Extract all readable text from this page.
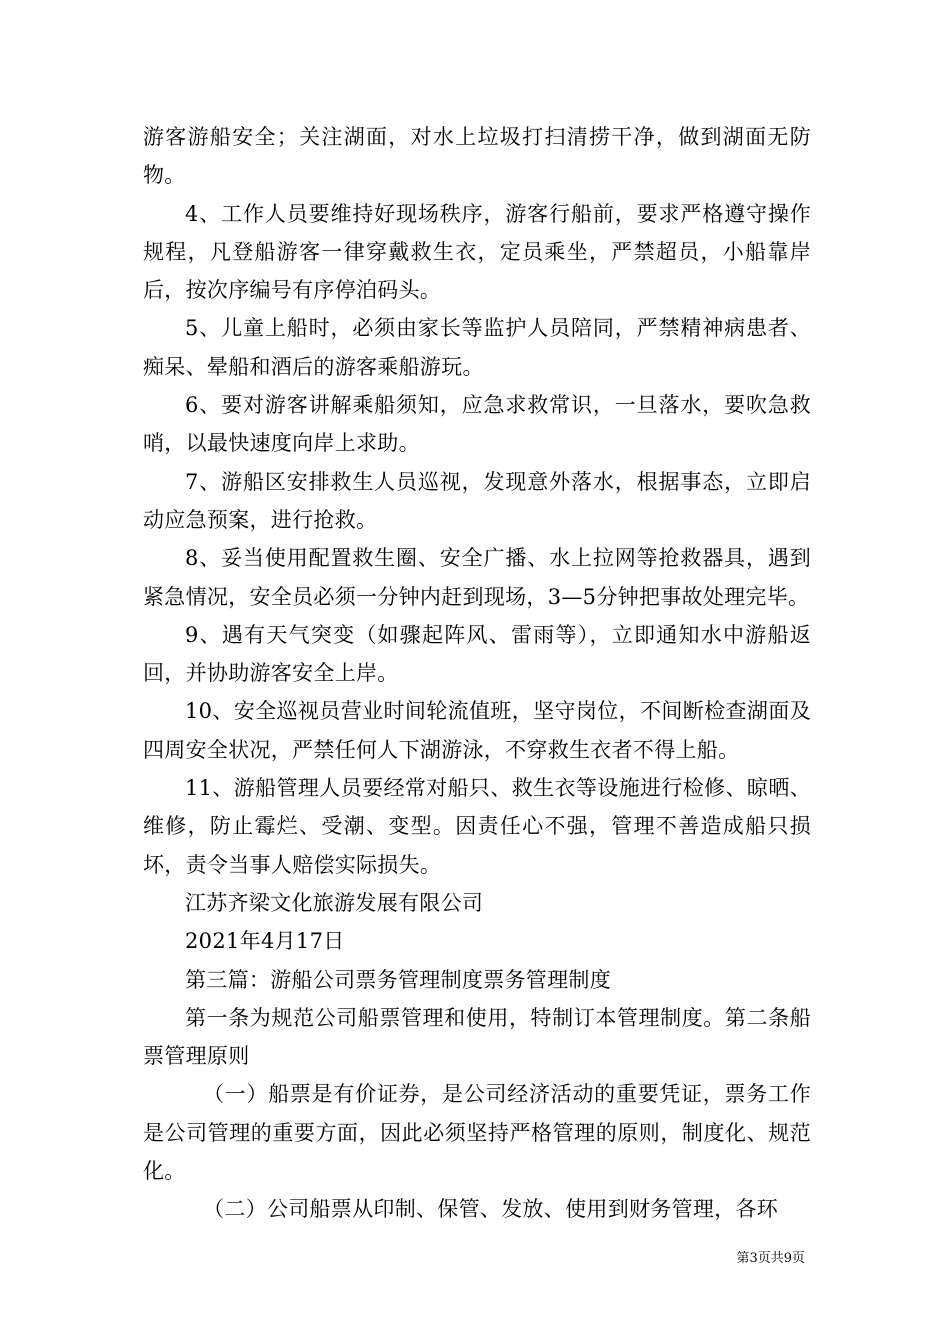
游客游船安全；关注湖面，对水上垃圾打扫清捞干净，做到湖面无防物。

4、工作人员要维持好现场秩序，游客行船前，要求严格遵守操作规程，凡登船游客一律穿戴救生衣，定员乘坐，严禁超员，小船靠岸后，按次序编号有序停泊码头。

5、儿童上船时，必须由家长等监护人员陪同，严禁精神病患者、痴呆、晕船和酒后的游客乘船游玩。

6、要对游客讲解乘船须知，应急求救常识，一旦落水，要吹急救哨，以最快速度向岸上求助。

7、游船区安排救生人员巡视，发现意外落水，根据事态，立即启动应急预案，进行抢救。

8、妥当使用配置救生圈、安全广播、水上拉网等抢救器具，遇到紧急情况，安全员必须一分钟内赶到现场，3—5分钟把事故处理完毕。

9、遇有天气突变（如骤起阵风、雷雨等），立即通知水中游船返回，并协助游客安全上岸。

10、安全巡视员营业时间轮流值班，坚守岗位，不间断检查湖面及四周安全状况，严禁任何人下湖游泳，不穿救生衣者不得上船。

11、游船管理人员要经常对船只、救生衣等设施进行检修、晾晒、维修，防止霉烂、受潮、变型。因责任心不强，管理不善造成船只损坏，责令当事人赔偿实际损失。

江苏齐梁文化旅游发展有限公司

2021年4月17日

第三篇：游船公司票务管理制度票务管理制度

第一条为规范公司船票管理和使用，特制订本管理制度。第二条船票管理原则

（一）船票是有价证券，是公司经济活动的重要凭证，票务工作是公司管理的重要方面，因此必须坚持严格管理的原则，制度化、规范化。

（二）公司船票从印制、保管、发放、使用到财务管理，各环

第3页共9页
